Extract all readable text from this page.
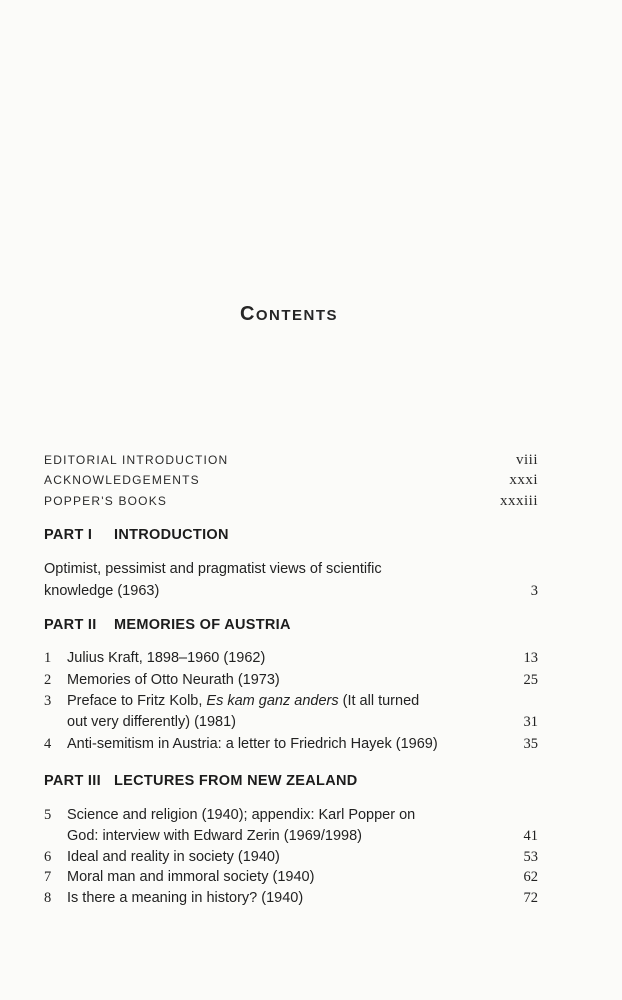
CONTENTS
EDITORIAL INTRODUCTION	viii
ACKNOWLEDGEMENTS	xxxi
POPPER'S BOOKS	xxxiii
PART I INTRODUCTION
Optimist, pessimist and pragmatist views of scientific
knowledge (1963)	3
PART II MEMORIES OF AUSTRIA
1 Julius Kraft, 1898–1960 (1962)	13
2 Memories of Otto Neurath (1973)	25
3 Preface to Fritz Kolb, Es kam ganz anders (It all turned
out very differently) (1981)	31
4 Anti-semitism in Austria: a letter to Friedrich Hayek (1969)	35
PART III LECTURES FROM NEW ZEALAND
5 Science and religion (1940); appendix: Karl Popper on
God: interview with Edward Zerin (1969/1998)	41
6 Ideal and reality in society (1940)	53
7 Moral man and immoral society (1940)	62
8 Is there a meaning in history? (1940)	72
